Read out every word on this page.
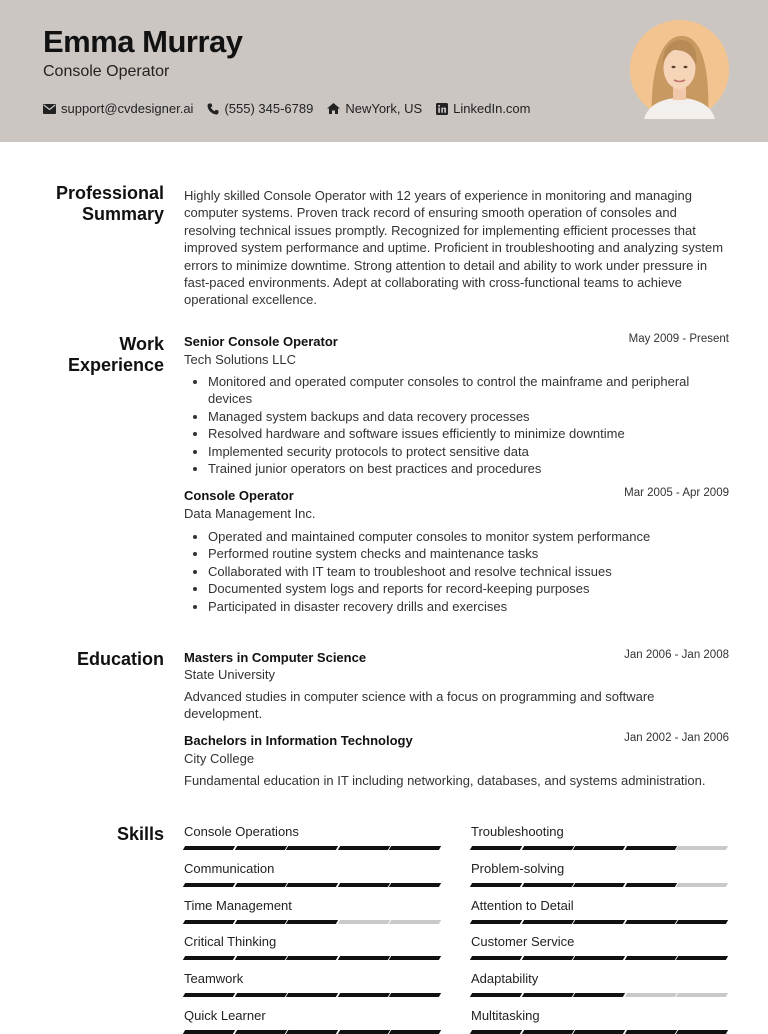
Emma Murray
Console Operator
support@cvdesigner.ai (555) 345-6789 NewYork, US LinkedIn.com
Professional
Summary
Highly skilled Console Operator with 12 years of experience in monitoring and managing computer systems. Proven track record of ensuring smooth operation of consoles and resolving technical issues promptly. Recognized for implementing efficient processes that improved system performance and uptime. Proficient in troubleshooting and analyzing system errors to minimize downtime. Strong attention to detail and ability to work under pressure in fast-paced environments. Adept at collaborating with cross-functional teams to achieve operational excellence.
Work
Experience
Senior Console Operator	May 2009 - Present
Tech Solutions LLC
Monitored and operated computer consoles to control the mainframe and peripheral devices
Managed system backups and data recovery processes
Resolved hardware and software issues efficiently to minimize downtime
Implemented security protocols to protect sensitive data
Trained junior operators on best practices and procedures
Console Operator	Mar 2005 - Apr 2009
Data Management Inc.
Operated and maintained computer consoles to monitor system performance
Performed routine system checks and maintenance tasks
Collaborated with IT team to troubleshoot and resolve technical issues
Documented system logs and reports for record-keeping purposes
Participated in disaster recovery drills and exercises
Education Masters in Computer Science	Jan 2006 - Jan 2008
State University
Advanced studies in computer science with a focus on programming and software development.
Bachelors in Information Technology	Jan 2002 - Jan 2006
City College
Fundamental education in IT including networking, databases, and systems administration.
Skills Console Operations	Troubleshooting
Communication	Problem-solving
Time Management	Attention to Detail
Critical Thinking	Customer Service
Teamwork	Adaptability
Quick Learner	Multitasking
